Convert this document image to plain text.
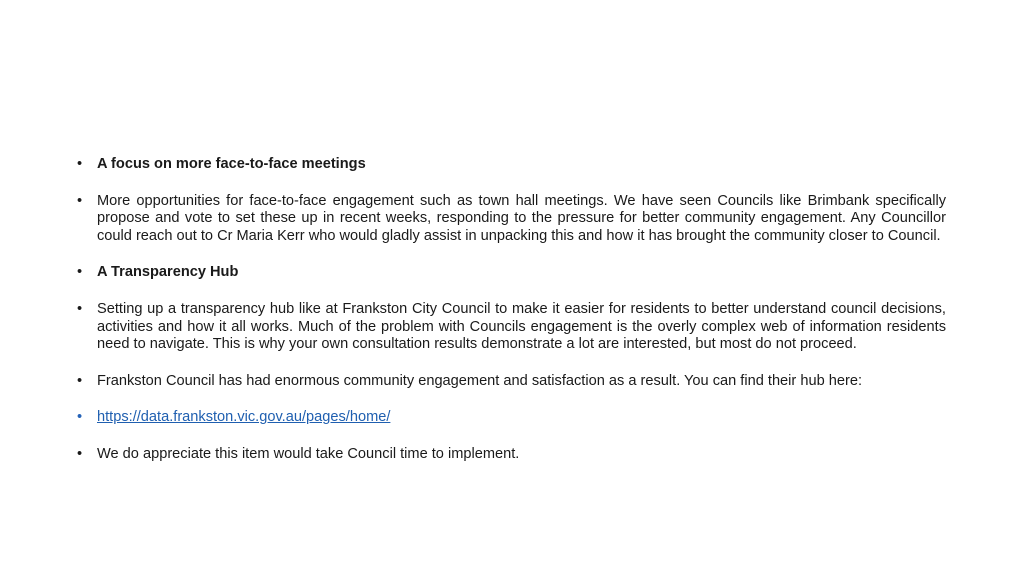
•	A focus on more face-to-face meetings
•	More opportunities for face-to-face engagement such as town hall meetings. We have seen Councils like Brimbank specifically propose and vote to set these up in recent weeks, responding to the pressure for better community engagement. Any Councillor could reach out to Cr Maria Kerr who would gladly assist in unpacking this and how it has brought the community closer to Council.
•	A Transparency Hub
•	Setting up a transparency hub like at Frankston City Council to make it easier for residents to better understand council decisions, activities and how it all works. Much of the problem with Councils engagement is the overly complex web of information residents need to navigate. This is why your own consultation results demonstrate a lot are interested, but most do not proceed.
•	Frankston Council has had enormous community engagement and satisfaction as a result. You can find their hub here:
•	https://data.frankston.vic.gov.au/pages/home/
•	We do appreciate this item would take Council time to implement.
